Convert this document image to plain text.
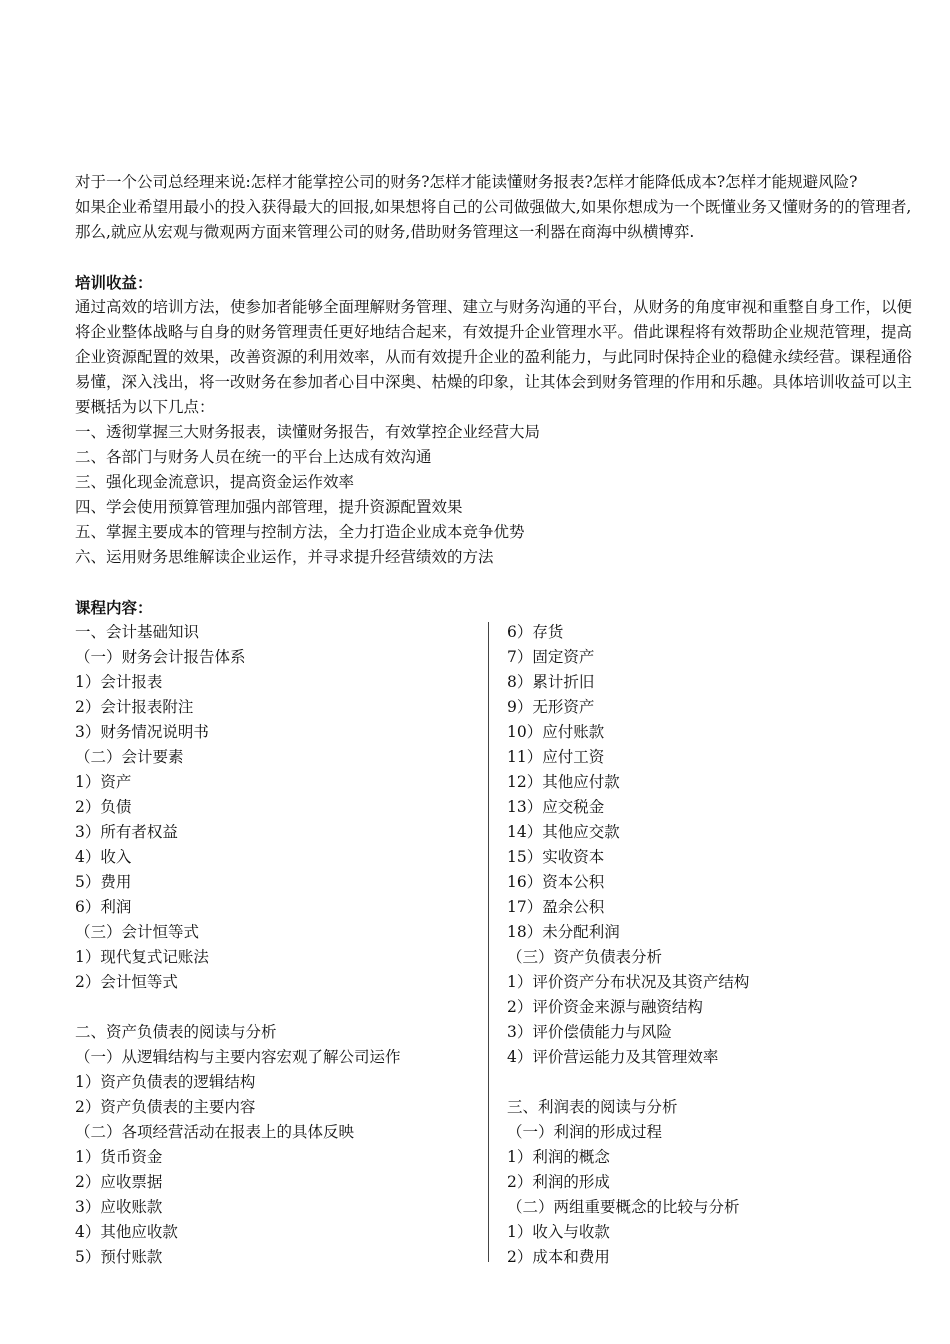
对于一个公司总经理来说:怎样才能掌控公司的财务?怎样才能读懂财务报表?怎样才能降低成本?怎样才能规避风险?

如果企业希望用最小的投入获得最大的回报,如果想将自己的公司做强做大,如果你想成为一个既懂业务又懂财务的的管理者,那么,就应从宏观与微观两方面来管理公司的财务,借助财务管理这一利器在商海中纵横博弈.

培训收益：
通过高效的培训方法，使参加者能够全面理解财务管理、建立与财务沟通的平台，从财务的角度审视和重整自身工作，以便将企业整体战略与自身的财务管理责任更好地结合起来，有效提升企业管理水平。借此课程将有效帮助企业规范管理，提高企业资源配置的效果，改善资源的利用效率，从而有效提升企业的盈利能力，与此同时保持企业的稳健永续经营。课程通俗易懂，深入浅出，将一改财务在参加者心目中深奥、枯燥的印象，让其体会到财务管理的作用和乐趣。具体培训收益可以主要概括为以下几点：
一、透彻掌握三大财务报表，读懂财务报告，有效掌控企业经营大局
二、各部门与财务人员在统一的平台上达成有效沟通
三、强化现金流意识，提高资金运作效率
四、学会使用预算管理加强内部管理，提升资源配置效果
五、掌握主要成本的管理与控制方法，全力打造企业成本竞争优势
六、运用财务思维解读企业运作，并寻求提升经营绩效的方法
课程内容：
一、会计基础知识
（一）财务会计报告体系
1）会计报表
2）会计报表附注
3）财务情况说明书
（二）会计要素
1）资产
2）负债
3）所有者权益
4）收入
5）费用
6）利润
（三）会计恒等式
1）现代复式记账法
2）会计恒等式
二、资产负债表的阅读与分析
（一）从逻辑结构与主要内容宏观了解公司运作
1）资产负债表的逻辑结构
2）资产负债表的主要内容
（二）各项经营活动在报表上的具体反映
1）货币资金
2）应收票据
3）应收账款
4）其他应收款
5）预付账款
6）存货
7）固定资产
8）累计折旧
9）无形资产
10）应付账款
11）应付工资
12）其他应付款
13）应交税金
14）其他应交款
15）实收资本
16）资本公积
17）盈余公积
18）未分配利润
（三）资产负债表分析
1）评价资产分布状况及其资产结构
2）评价资金来源与融资结构
3）评价偿债能力与风险
4）评价营运能力及其管理效率
三、利润表的阅读与分析
（一）利润的形成过程
1）利润的概念
2）利润的形成
（二）两组重要概念的比较与分析
1）收入与收款
2）成本和费用
